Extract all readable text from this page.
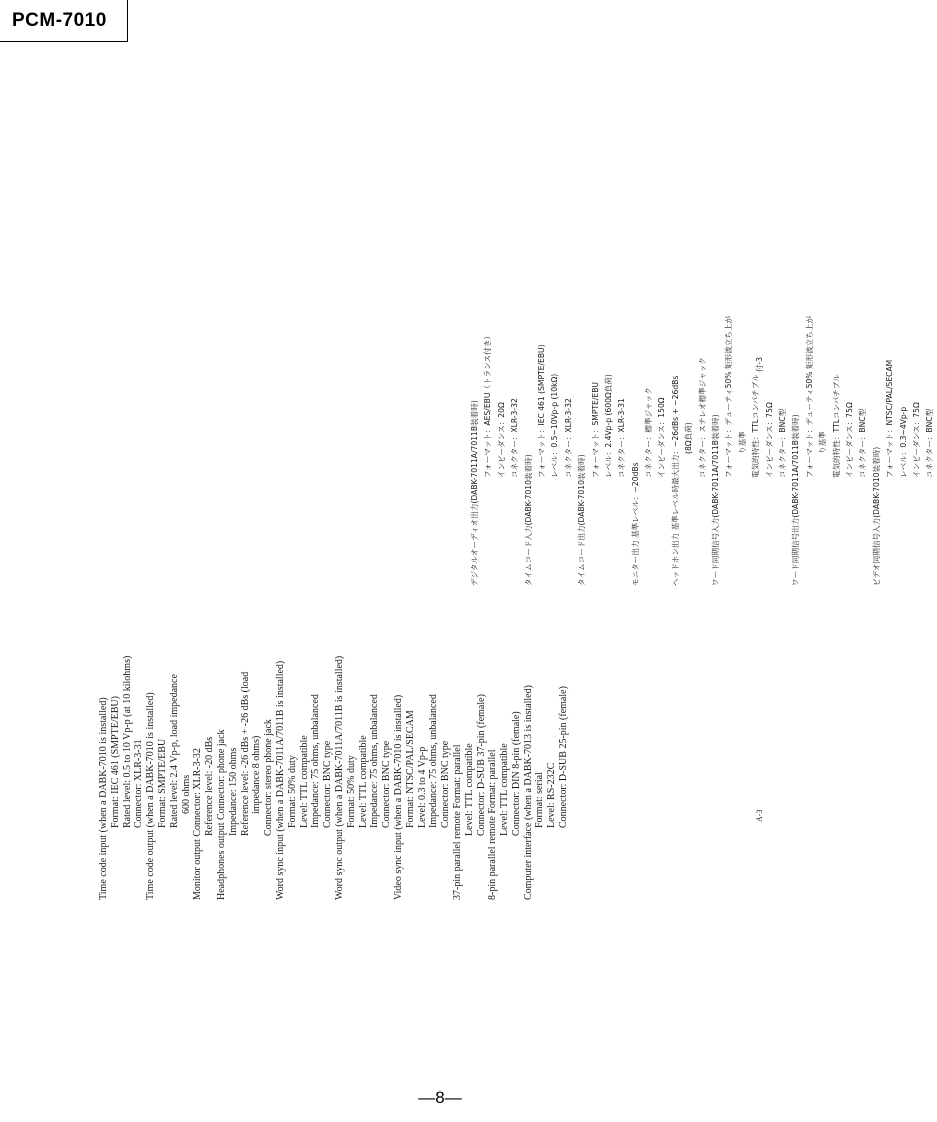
PCM-7010
Time code input (when a DABK-7010 is installed) Format: IEC 461 (SMPTE/EBU) Rated level: 0.5 to 10 Vp-p (at 10 kilohms) Connector: XLR-3-31 Time code output (when a DABK-7010 is installed) Format: SMPTE/EBU Rated level: 2.4 Vp-p, load impedance 600 ohms Monitor output Connector: XLR-3-32 Reference level: -20 dBs Headphones output Connector: phone jack Impedance: 150 ohms Reference level: -26 dBs + -26 dBs (load impedance 8 ohms) Connector: stereo phone jack Word sync input (when a DABK-7011A/7011B is installed) Format: 50% duty Level: TTL compatible Impedance: 75 ohms, unbalanced Connector: BNC type Word sync output (when a DABK-7011A/7011B is installed) Format: 50% duty Level: TTL compatible Impedance: 75 ohms, unbalanced Connector: BNC type Video sync input (when a DABK-7010 is installed) Format: NTSC/PAL/SECAM Level: 0.3 to 4 Vp-p Impedance: 75 ohms, unbalanced Connector: BNC type 37-pin parallel remote Format: parallel Level: TTL compatible Connector: D-SUB 37-pin (female) 8-pin parallel remote Format: parallel Level: TTL compatible Connector: DIN 8-pin (female) Computer interface (when a DABK-7013 is installed) Format: serial Level: RS-232C Connector: D-SUB 25-pin (female)
デジタルオーディオ出力(DABK-7011A/7011B装着時) フォーマット：AES/EBU（トランス付き） インピーダンス：20Ω コネクター：XLR-3-32
タイムコード入力(DABK-7010装着時)
フォーマット：IEC 461 (SMPTE/EBU) レベル：0.5~10Vp-p (10kΩ) コネクター：XLR-3-32
タイムコード出力(DABK-7010装着時)
フォーマット：SMPTE/EBU レベル：2.4Vp-p (600Ω負荷) コネクター：XLR-3-31
モニター出力 基準レベル：−20dBs
コネクター：標準ジャック インピーダンス：150Ω ヘッドホン出力 基準レベル時最大出力：−26dBs + −26dBs (8Ω負荷) コネクター：ステレオ標準ジャック ワード同期信号入力(DABK-7011A/7011B装着時)
フォーマット：デューティ50% 矩形波立ち上が り基準 電気的特性：TTLコンパチブル インピーダンス：75Ω コネクター：BNC型 ワード同期信号出力(DABK-7011A/7011B装着時)
フォーマット：デューティ50% 矩形波立ち上が り基準 電気的特性：TTLコンパチブル インピーダンス：75Ω コネクター：BNC型
ビデオ同期信号入力(DABK-7010装着時)
フォーマット：NTSC/PAL/SECAM レベル：0.3~4Vp-p インピーダンス：75Ω コネクター：BNC型
A-3
付-3
—8—
